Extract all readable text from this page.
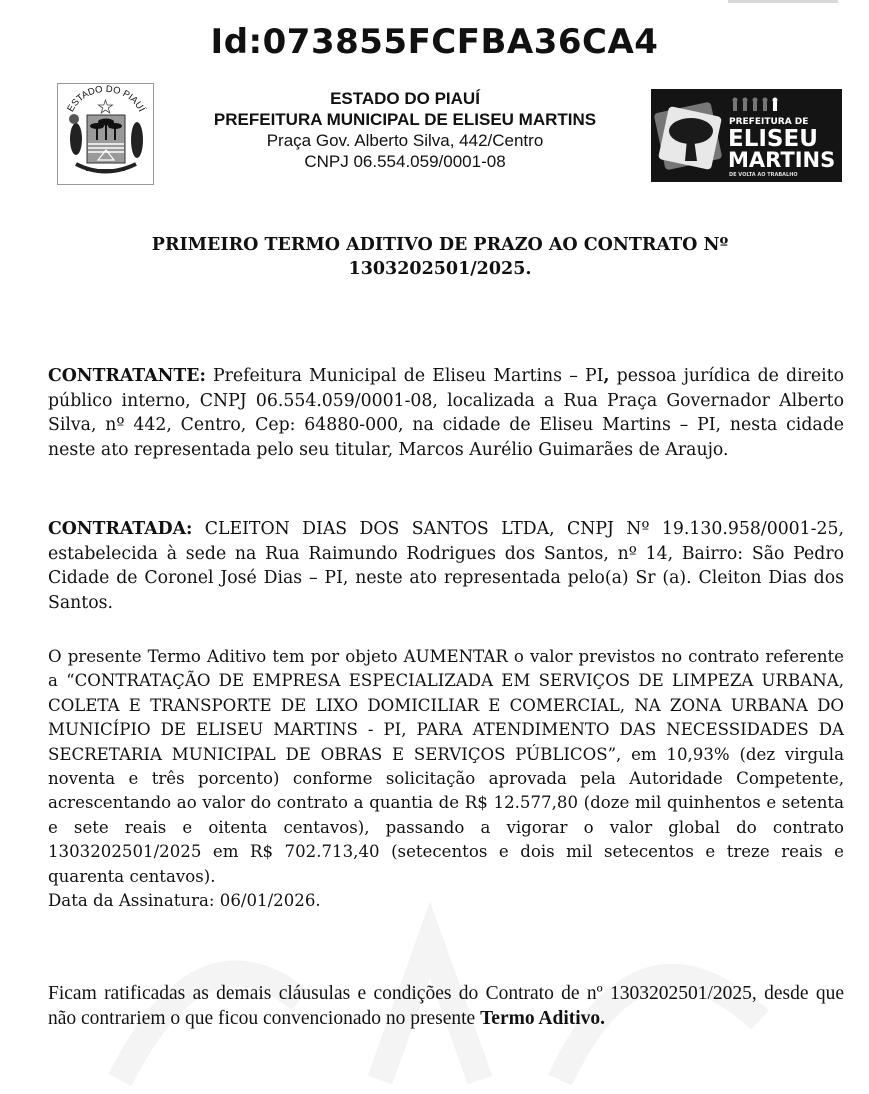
Id:073855FCFBA36CA4
ESTADO DO PIAUÍ
ESTADO DO PIAUÍ
PREFEITURA MUNICIPAL DE ELISEU MARTINS
Praça Gov. Alberto Silva, 442/Centro
CNPJ 06.554.059/0001-08
PREFEITURA DE
ELISEU
MARTINS
DE VOLTA AO TRABALHO
PRIMEIRO TERMO ADITIVO DE PRAZO AO CONTRATO Nº
1303202501/2025.
CONTRATANTE: Prefeitura Municipal de Eliseu Martins – PI, pessoa jurídica de direito público interno, CNPJ 06.554.059/0001-08, localizada a Rua Praça Governador Alberto Silva, nº 442, Centro, Cep: 64880-000, na cidade de Eliseu Martins – PI, nesta cidade neste ato representada pelo seu titular, Marcos Aurélio Guimarães de Araujo.
CONTRATADA: CLEITON DIAS DOS SANTOS LTDA, CNPJ Nº 19.130.958/0001-25, estabelecida à sede na Rua Raimundo Rodrigues dos Santos, nº 14, Bairro: São Pedro Cidade de Coronel José Dias – PI, neste ato representada pelo(a) Sr (a). Cleiton Dias dos Santos.
O presente Termo Aditivo tem por objeto AUMENTAR o valor previstos no contrato referente a “CONTRATAÇÃO DE EMPRESA ESPECIALIZADA EM SERVIÇOS DE LIMPEZA URBANA, COLETA E TRANSPORTE DE LIXO DOMICILIAR E COMERCIAL, NA ZONA URBANA DO MUNICÍPIO DE ELISEU MARTINS - PI, PARA ATENDIMENTO DAS NECESSIDADES DA SECRETARIA MUNICIPAL DE OBRAS E SERVIÇOS PÚBLICOS”, em 10,93% (dez virgula noventa e três porcento) conforme solicitação aprovada pela Autoridade Competente, acrescentando ao valor do contrato a quantia de R$ 12.577,80 (doze mil quinhentos e setenta e sete reais e oitenta centavos), passando a vigorar o valor global do contrato 1303202501/2025 em R$ 702.713,40 (setecentos e dois mil setecentos e treze reais e quarenta centavos).
Data da Assinatura: 06/01/2026.
Ficam ratificadas as demais cláusulas e condições do Contrato de nº 1303202501/2025, desde que não contrariem o que ficou convencionado no presente Termo Aditivo.
